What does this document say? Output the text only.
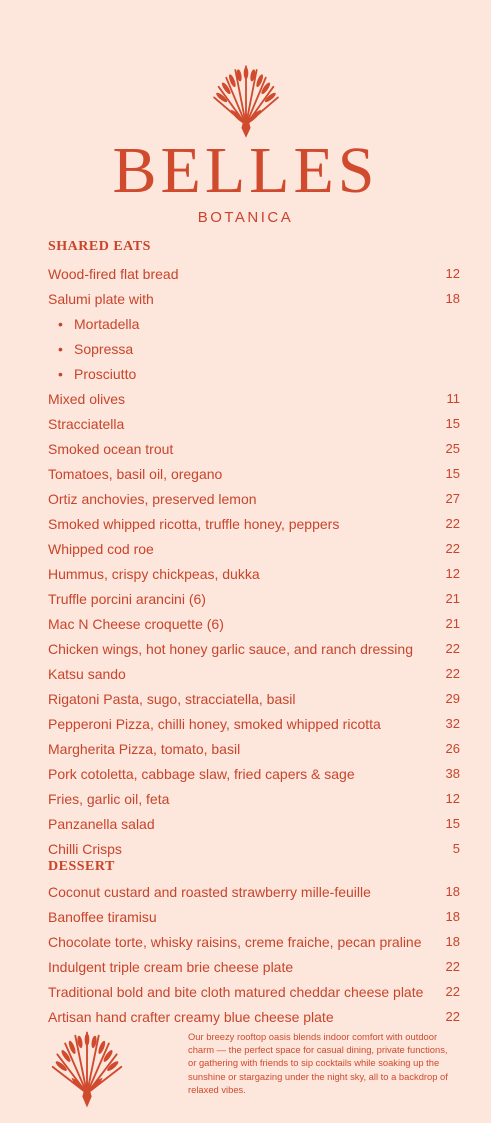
BELLES
BOTANICA
SHARED EATS
Wood-fired flat bread	12
Salumi plate with	18
• Mortadella
• Sopressa
• Prosciutto
Mixed olives	11
Stracciatella	15
Smoked ocean trout	25
Tomatoes, basil oil, oregano	15
Ortiz anchovies, preserved lemon	27
Smoked whipped ricotta, truffle honey, peppers	22
Whipped cod roe	22
Hummus, crispy chickpeas, dukka	12
Truffle porcini arancini (6)	21
Mac N Cheese croquette (6)	21
Chicken wings, hot honey garlic sauce, and ranch dressing	22
Katsu sando	22
Rigatoni Pasta, sugo, stracciatella, basil	29
Pepperoni Pizza, chilli honey, smoked whipped ricotta	32
Margherita Pizza, tomato, basil	26
Pork cotoletta, cabbage slaw, fried capers & sage	38
Fries, garlic oil, feta	12
Panzanella salad	15
Chilli Crisps	5
DESSERT
Coconut custard and roasted strawberry mille-feuille	18
Banoffee tiramisu	18
Chocolate torte, whisky raisins, creme fraiche, pecan praline 18
Indulgent triple cream brie cheese plate	22
Traditional bold and bite cloth matured cheddar cheese plate 22
Artisan hand crafter creamy blue cheese plate	22
Our breezy rooftop oasis blends indoor comfort with outdoor charm — the perfect space for casual dining, private functions, or gathering with friends to sip cocktails while soaking up the sunshine or stargazing under the night sky, all to a backdrop of relaxed vibes.
